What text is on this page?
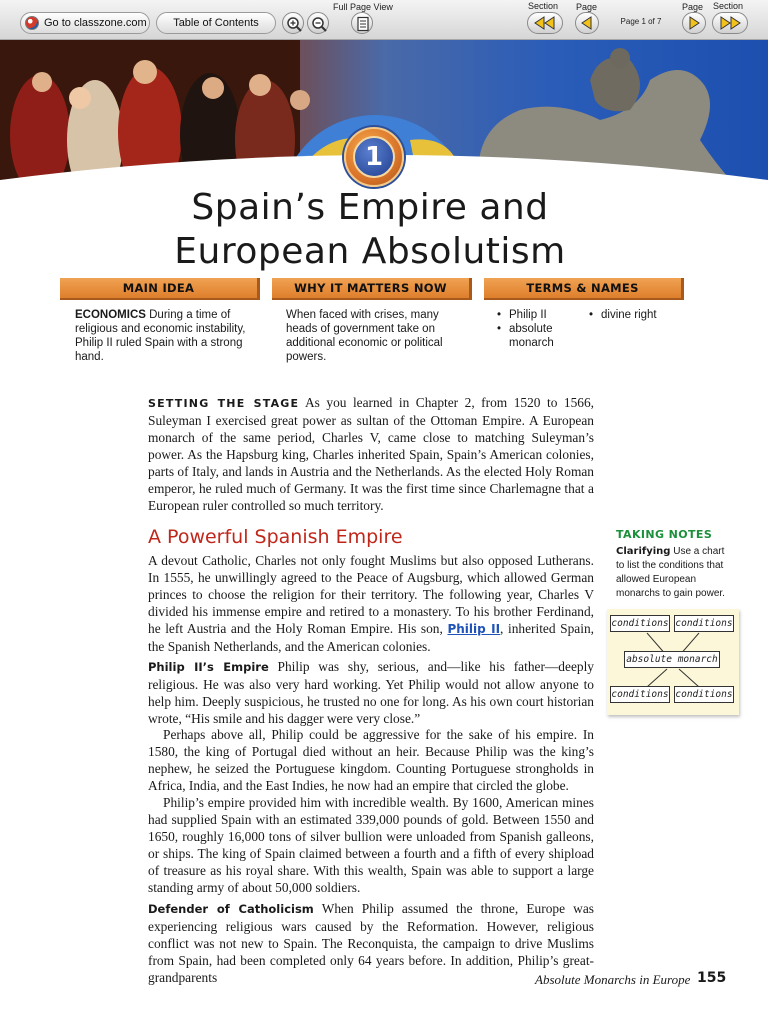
Go to classzone.com Table of Contents
Full Page View	Section Page
Page 1 of 7
Page Section
1
Spain’s Empire and
European Absolutism
MAIN IDEA	WHY IT MATTERS NOW	TERMS & NAMES
ECONOMICS During a time of religious and economic instability, Philip II ruled Spain with a strong hand.
When faced with crises, many heads of government take on additional economic or political powers.
• Philip II
• absolute monarch
• divine right
SETTING THE STAGE As you learned in Chapter 2, from 1520 to 1566, Suleyman I exercised great power as sultan of the Ottoman Empire. A European monarch of the same period, Charles V, came close to matching Suleyman’s power. As the Hapsburg king, Charles inherited Spain, Spain’s American colonies, parts of Italy, and lands in Austria and the Netherlands. As the elected Holy Roman emperor, he ruled much of Germany. It was the first time since Charlemagne that a European ruler controlled so much territory.
A Powerful Spanish Empire
A devout Catholic, Charles not only fought Muslims but also opposed Lutherans. In 1555, he unwillingly agreed to the Peace of Augsburg, which allowed German princes to choose the religion for their territory. The following year, Charles V divided his immense empire and retired to a monastery. To his brother Ferdinand, he left Austria and the Holy Roman Empire. His son, Philip II, inherited Spain, the Spanish Netherlands, and the American colonies.
Philip II’s Empire Philip was shy, serious, and—like his father—deeply religious. He was also very hard working. Yet Philip would not allow anyone to help him. Deeply suspicious, he trusted no one for long. As his own court historian wrote, “His smile and his dagger were very close.”
Perhaps above all, Philip could be aggressive for the sake of his empire. In 1580, the king of Portugal died without an heir. Because Philip was the king’s nephew, he seized the Portuguese kingdom. Counting Portuguese strongholds in Africa, India, and the East Indies, he now had an empire that circled the globe.
Philip’s empire provided him with incredible wealth. By 1600, American mines had supplied Spain with an estimated 339,000 pounds of gold. Between 1550 and 1650, roughly 16,000 tons of silver bullion were unloaded from Spanish galleons, or ships. The king of Spain claimed between a fourth and a fifth of every shipload of treasure as his royal share. With this wealth, Spain was able to support a large standing army of about 50,000 soldiers.
Defender of Catholicism When Philip assumed the throne, Europe was experiencing religious wars caused by the Reformation. However, religious conflict was not new to Spain. The Reconquista, the campaign to drive Muslims from Spain, had been completed only 64 years before. In addition, Philip’s great-grandparents
TAKING NOTES
Clarifying Use a chart to list the conditions that allowed European monarchs to gain power.
conditions conditions
absolute monarch
conditions conditions
Absolute Monarchs in Europe 155
